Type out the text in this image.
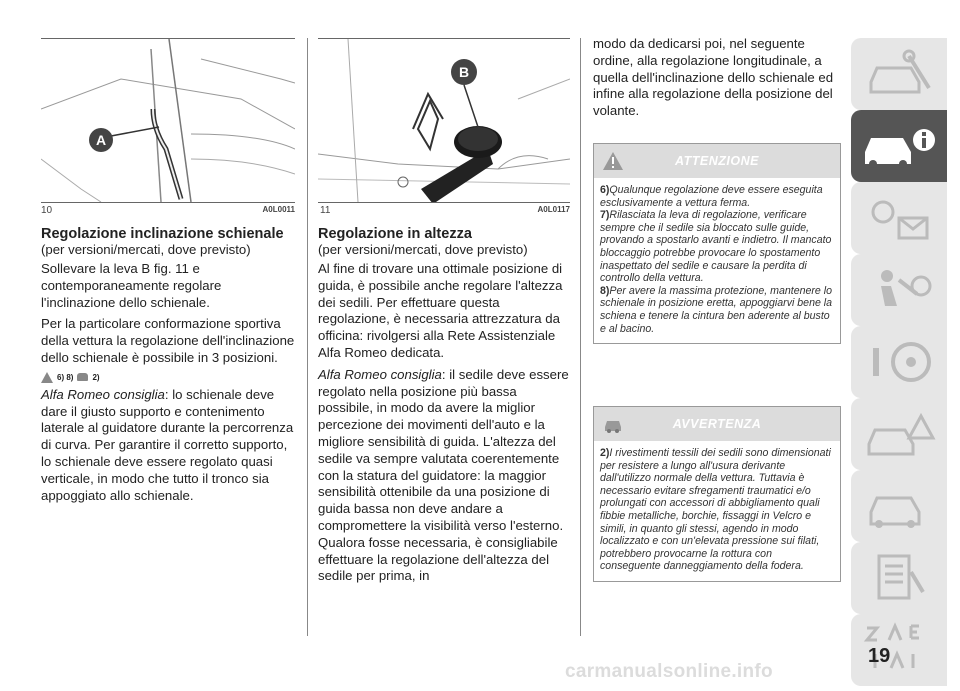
A
10	A0L0011
B
11	A0L0117
Regolazione inclinazione schienale
(per versioni/mercati, dove previsto)

Sollevare la leva B fig. 11 e contemporaneamente regolare l'inclinazione dello schienale.

Per la particolare conformazione sportiva della vettura la regolazione dell'inclinazione dello schienale è possibile in 3 posizioni.

6) 8) 2)

Alfa Romeo consiglia: lo schienale deve dare il giusto supporto e contenimento laterale al guidatore durante la percorrenza di curva. Per garantire il corretto supporto, lo schienale deve essere regolato quasi verticale, in modo che tutto il tronco sia appoggiato allo schienale.

Regolazione in altezza
(per versioni/mercati, dove previsto)

Al fine di trovare una ottimale posizione di guida, è possibile anche regolare l'altezza dei sedili. Per effettuare questa regolazione, è necessaria attrezzatura da officina: rivolgersi alla Rete Assistenziale Alfa Romeo dedicata.

Alfa Romeo consiglia: il sedile deve essere regolato nella posizione più bassa possibile, in modo da avere la miglior percezione dei movimenti dell'auto e la migliore sensibilità di guida. L'altezza del sedile va sempre valutata coerentemente con la statura del guidatore: la maggior sensibilità ottenibile da una posizione di guida bassa non deve andare a compromettere la visibilità verso l'esterno. Qualora fosse necessaria, è consigliabile effettuare la regolazione dell'altezza del sedile per prima, in

modo da dedicarsi poi, nel seguente ordine, alla regolazione longitudinale, a quella dell'inclinazione dello schienale ed infine alla regolazione della posizione del volante.

ATTENZIONE
6)Qualunque regolazione deve essere eseguita esclusivamente a vettura ferma.
7)Rilasciata la leva di regolazione, verificare sempre che il sedile sia bloccato sulle guide, provando a spostarlo avanti e indietro. Il mancato bloccaggio potrebbe provocare lo spostamento inaspettato del sedile e causare la perdita di controllo della vettura.
8)Per avere la massima protezione, mantenere lo schienale in posizione eretta, appoggiarvi bene la schiena e tenere la cintura ben aderente al busto e al bacino.
AVVERTENZA
2)I rivestimenti tessili dei sedili sono dimensionati per resistere a lungo all'usura derivante dall'utilizzo normale della vettura. Tuttavia è necessario evitare sfregamenti traumatici e/o prolungati con accessori di abbigliamento quali fibbie metalliche, borchie, fissaggi in Velcro e simili, in quanto gli stessi, agendo in modo localizzato e con un'elevata pressione sui filati, potrebbero provocarne la rottura con conseguente danneggiamento della fodera.
19
carmanualsonline.info
